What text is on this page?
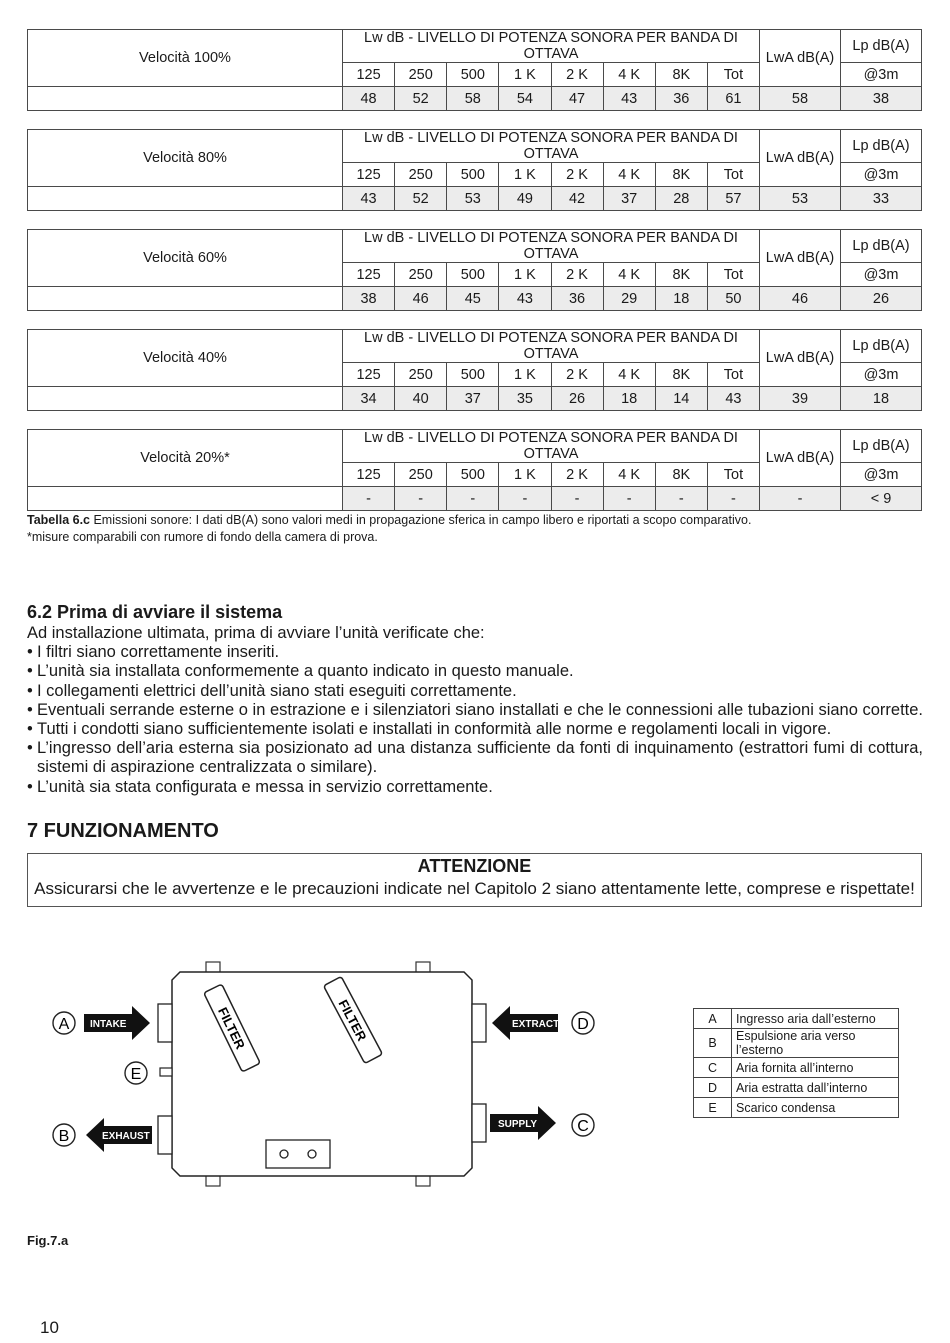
Velocità 100%	Lw dB - LIVELLO DI POTENZA SONORA PER BANDA DI OTTAVA								LwA dB(A)	Lp dB(A)
	125	250	500	1 K	2 K	4 K	8K	Tot		@3m
	48	52	58	54	47	43	36	61	58	38
Velocità 80%	Lw dB - LIVELLO DI POTENZA SONORA PER BANDA DI OTTAVA								LwA dB(A)	Lp dB(A)
	125	250	500	1 K	2 K	4 K	8K	Tot		@3m
	43	52	53	49	42	37	28	57	53	33
Velocità 60%	Lw dB - LIVELLO DI POTENZA SONORA PER BANDA DI OTTAVA								LwA dB(A)	Lp dB(A)
	125	250	500	1 K	2 K	4 K	8K	Tot		@3m
	38	46	45	43	36	29	18	50	46	26
Velocità 40%	Lw dB - LIVELLO DI POTENZA SONORA PER BANDA DI OTTAVA								LwA dB(A)	Lp dB(A)
	125	250	500	1 K	2 K	4 K	8K	Tot		@3m
	34	40	37	35	26	18	14	43	39	18
Velocità 20%*	Lw dB - LIVELLO DI POTENZA SONORA PER BANDA DI OTTAVA								LwA dB(A)	Lp dB(A)
	125	250	500	1 K	2 K	4 K	8K	Tot		@3m
	-	-	-	-	-	-	-	-	-	< 9
Tabella 6.c Emissioni sonore: I dati dB(A) sono valori medi in propagazione sferica in campo libero e riportati a scopo comparativo.
*misure comparabili con rumore di fondo della camera di prova.
6.2 Prima di avviare il sistema

Ad installazione ultimata, prima di avviare l’unità verificate che:

• I filtri siano correttamente inseriti.
• L’unità sia installata conformemente a quanto indicato in questo manuale.
• I collegamenti elettrici dell’unità siano stati eseguiti correttamente.
• Eventuali serrande esterne o in estrazione e i silenziatori siano installati e che le connessioni alle tubazioni siano corrette.
• Tutti i condotti siano sufficientemente isolati e installati in conformità alle norme e regolamenti locali in vigore.
• L’ingresso dell’aria esterna sia posizionato ad una distanza sufficiente da fonti di inquinamento (estrattori fumi di cottura, sistemi di aspirazione centralizzata o similare).
• L’unità sia stata configurata e messa in servizio correttamente.
7 FUNZIONAMENTO
ATTENZIONE
Assicurarsi che le avvertenze e le precauzioni indicate nel Capitolo 2 siano attentamente lette, comprese e rispettate!
FILTER	FILTER
A
B
E
D
C
INTAKE
EXHAUST
EXTRACT
SUPPLY
A	Ingresso aria dall’esterno
B	Espulsione aria verso l’esterno
C	Aria fornita all’interno
D	Aria estratta dall’interno
E	Scarico condensa
Fig.7.a
10
